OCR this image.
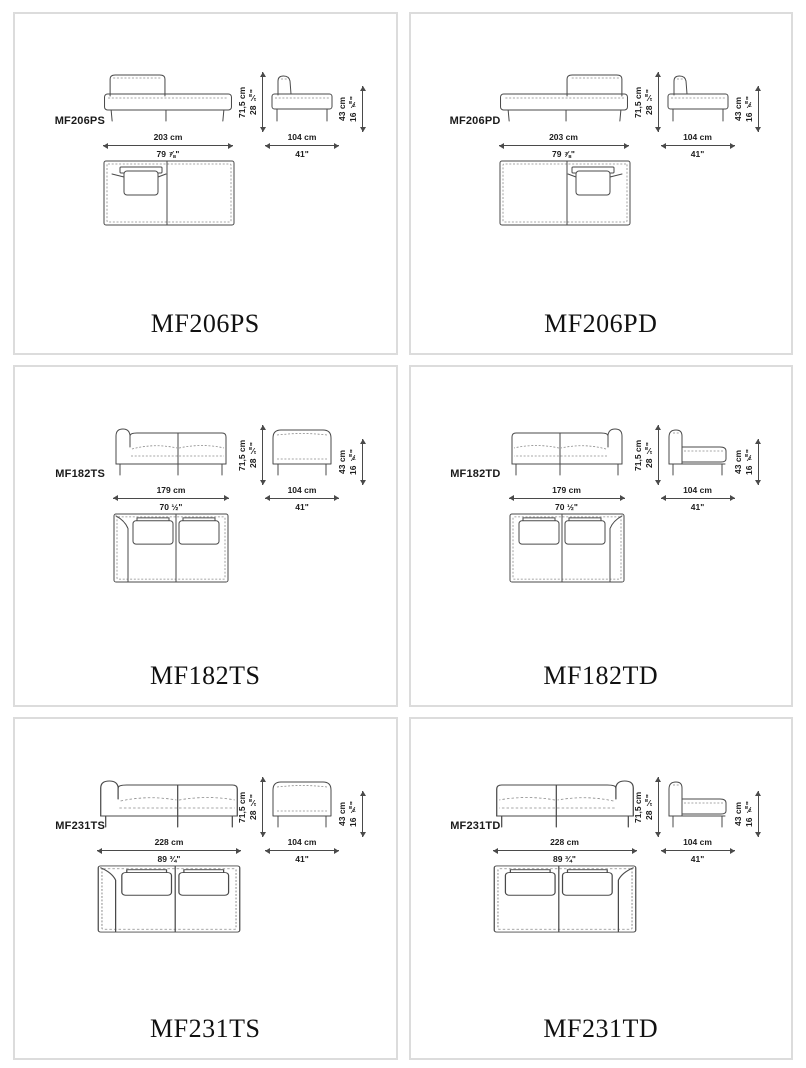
MF206PS
71,5 cm 28 ⅛"	43 cm 16 ⅞"
203 cm
79 ⅞"
104 cm
41"
MF206PS
MF206PD
71,5 cm 28 ⅛"	43 cm 16 ⅞"
203 cm
79 ⅞"
104 cm
41"
MF206PD
MF182TS
71,5 cm 28 ⅛"	43 cm 16 ⅞"
179 cm
70 ½"
104 cm
41"
MF182TS
MF182TD
71,5 cm 28 ⅛"	43 cm 16 ⅞"
179 cm
70 ½"
104 cm
41"
MF182TD
MF231TS
71,5 cm 28 ⅛"	43 cm 16 ⅞"
228 cm
89 ¾"
104 cm
41"
MF231TS
MF231TD
71,5 cm 28 ⅛"	43 cm 16 ⅞"
228 cm
89 ¾"
104 cm
41"
MF231TD
